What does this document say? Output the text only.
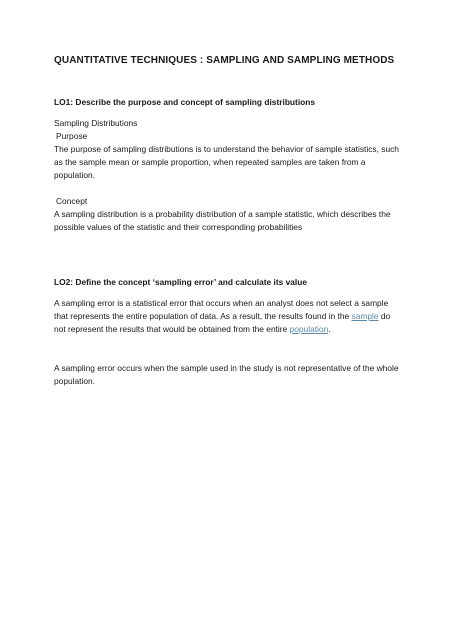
QUANTITATIVE TECHNIQUES : SAMPLING AND SAMPLING METHODS
LO1: Describe the purpose and concept of sampling distributions

Sampling Distributions

Purpose

The purpose of sampling distributions is to understand the behavior of sample statistics, such as the sample mean or sample proportion, when repeated samples are taken from a population.

Concept

A sampling distribution is a probability distribution of a sample statistic, which describes the possible values of the statistic and their corresponding probabilities

LO2: Define the concept ‘sampling error’ and calculate its value

A sampling error is a statistical error that occurs when an analyst does not select a sample that represents the entire population of data. As a result, the results found in the sample do not represent the results that would be obtained from the entire population.

A sampling error occurs when the sample used in the study is not representative of the whole population.
